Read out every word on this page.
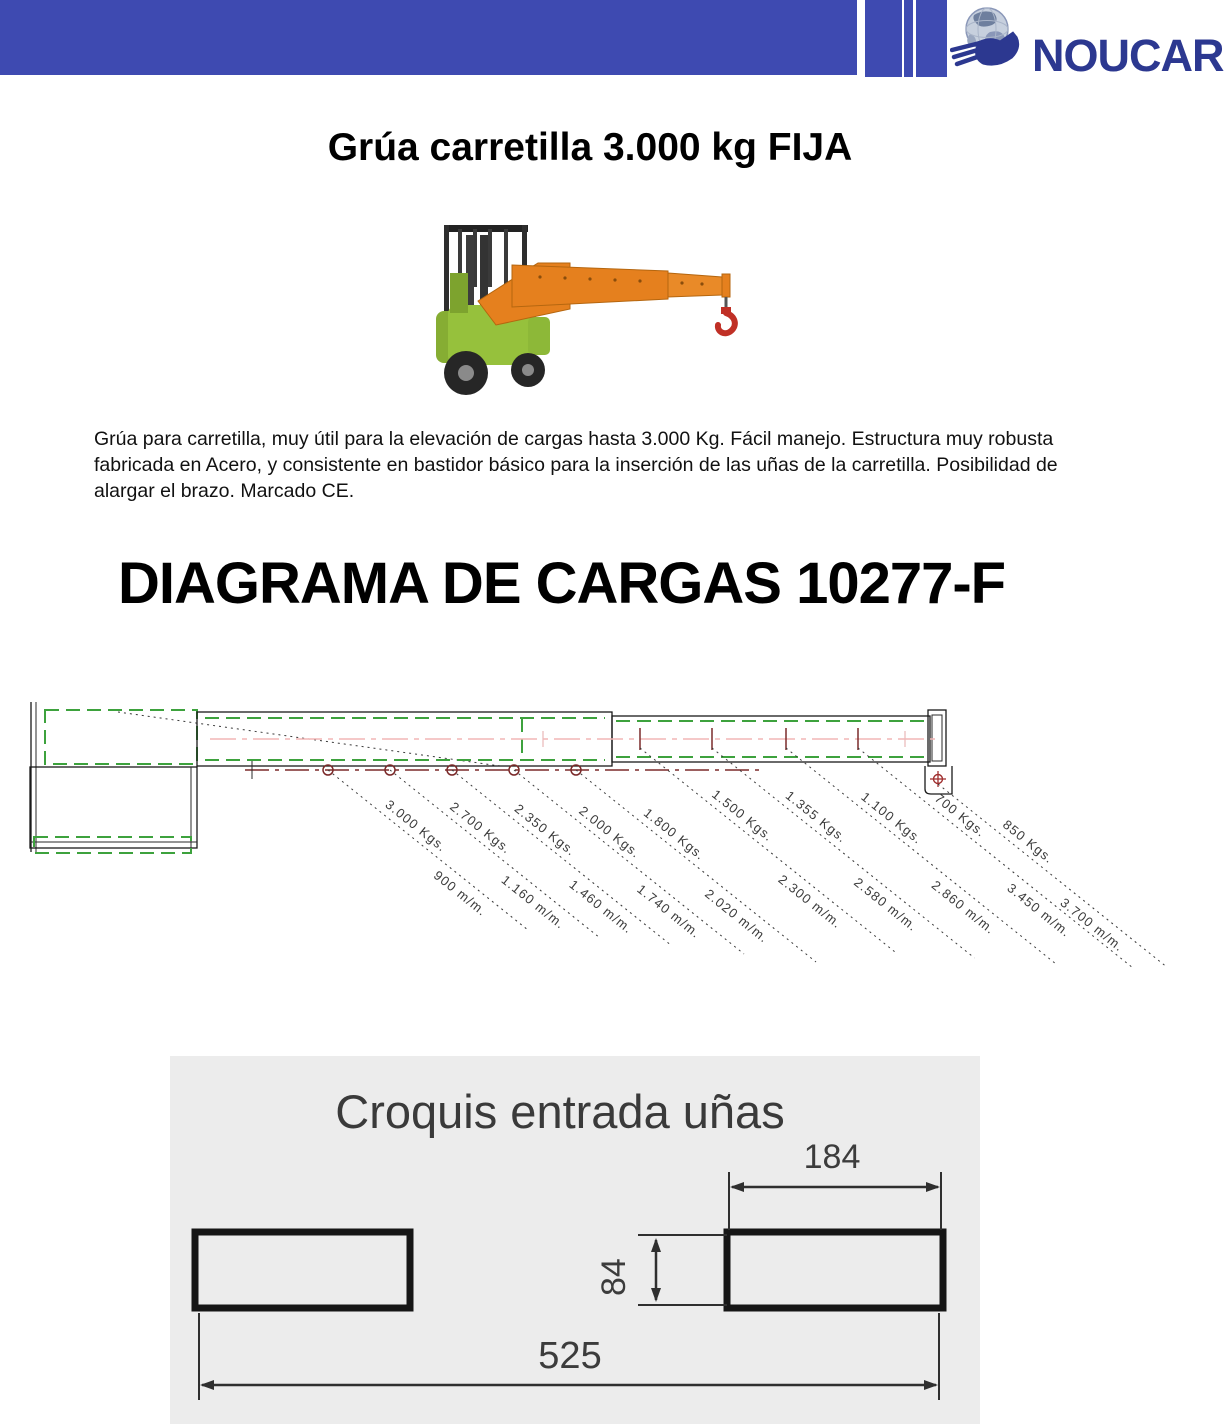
NOUCAR
Grúa carretilla 3.000 kg FIJA

Grúa para carretilla, muy útil para la elevación de cargas hasta 3.000 Kg. Fácil manejo. Estructura muy robusta fabricada en Acero, y consistente en bastidor básico para la inserción de las uñas de la carretilla. Posibilidad de alargar el brazo. Marcado CE.

DIAGRAMA DE CARGAS 10277-F
3.000 Kgs.
900 m/m.
2.700 Kgs.
1.160 m/m.
2.350 Kgs.
1.460 m/m.
2.000 Kgs.
1.740 m/m.
1.800 Kgs.
2.020 m/m.
1.500 Kgs.
2.300 m/m.
1.355 Kgs.
2.580 m/m.
1.100 Kgs.
2.860 m/m.
700 Kgs.
3.450 m/m.
850 Kgs.
3.700 m/m.
Croquis entrada uñas
184
84
525
